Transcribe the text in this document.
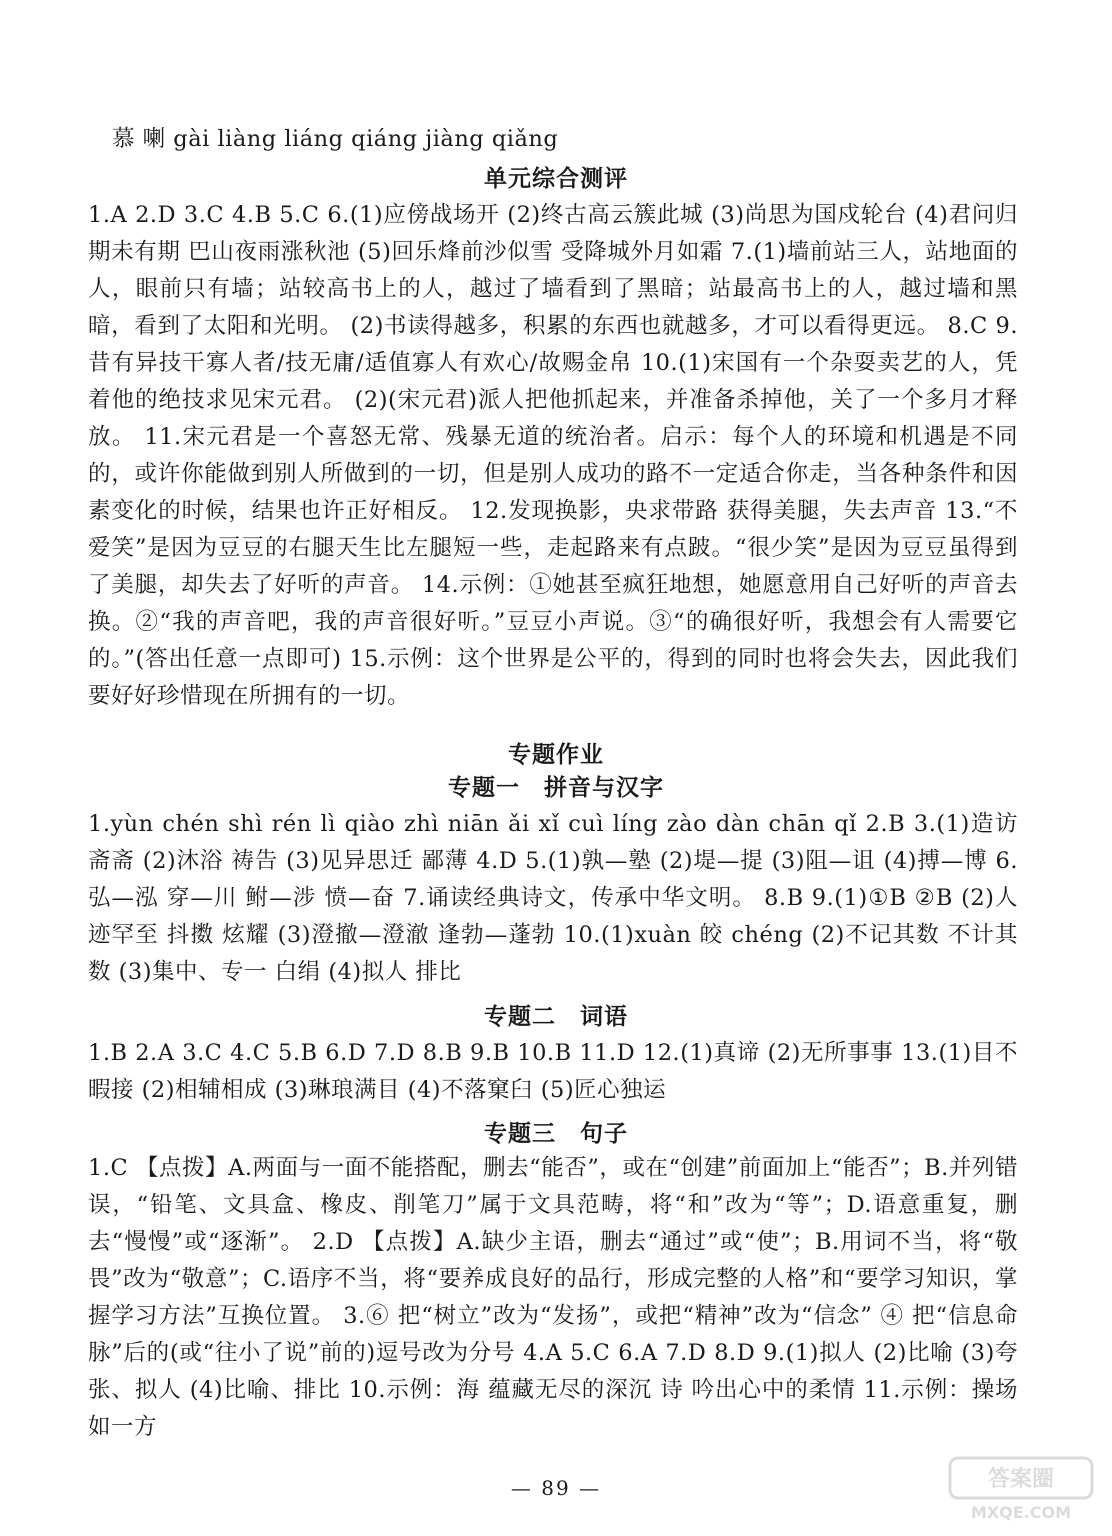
慕 喇 gài liàng liáng qiáng jiàng qiǎng
单元综合测评
1.A 2.D 3.C 4.B 5.C 6.(1)应傍战场开 (2)终古高云簇此城 (3)尚思为国戍轮台 (4)君问归期未有期 巴山夜雨涨秋池 (5)回乐烽前沙似雪 受降城外月如霜 7.(1)墙前站三人，站地面的人，眼前只有墙；站较高书上的人，越过了墙看到了黑暗；站最高书上的人，越过墙和黑暗，看到了太阳和光明。 (2)书读得越多，积累的东西也就越多，才可以看得更远。 8.C 9.昔有异技干寡人者/技无庸/适值寡人有欢心/故赐金帛 10.(1)宋国有一个杂耍卖艺的人，凭着他的绝技求见宋元君。 (2)(宋元君)派人把他抓起来，并准备杀掉他，关了一个多月才释放。 11.宋元君是一个喜怒无常、残暴无道的统治者。启示：每个人的环境和机遇是不同的，或许你能做到别人所做到的一切，但是别人成功的路不一定适合你走，当各种条件和因素变化的时候，结果也许正好相反。 12.发现换影，央求带路 获得美腿，失去声音 13.“不爱笑”是因为豆豆的右腿天生比左腿短一些，走起路来有点跛。“很少笑”是因为豆豆虽得到了美腿，却失去了好听的声音。 14.示例：①她甚至疯狂地想，她愿意用自己好听的声音去换。②“我的声音吧，我的声音很好听。”豆豆小声说。③“的确很好听，我想会有人需要它的。”(答出任意一点即可) 15.示例：这个世界是公平的，得到的同时也将会失去，因此我们要好好珍惜现在所拥有的一切。
专题作业
专题一　拼音与汉字
1.yùn chén shì rén lì qiào zhì niān ǎi xǐ cuì líng zào dàn chān qǐ 2.B 3.(1)造访 斋斋 (2)沐浴 祷告 (3)见异思迁 鄙薄 4.D 5.(1)孰—塾 (2)堤—提 (3)阻—诅 (4)搏—博 6.弘—泓 穿—川 鲋—涉 愤—奋 7.诵读经典诗文，传承中华文明。 8.B 9.(1)①B ②B (2)人迹罕至 抖擞 炫耀 (3)澄撤—澄澈 逢勃—蓬勃 10.(1)xuàn 皎 chéng (2)不记其数 不计其数 (3)集中、专一 白绢 (4)拟人 排比
专题二　词语
1.B 2.A 3.C 4.C 5.B 6.D 7.D 8.B 9.B 10.B 11.D 12.(1)真谛 (2)无所事事 13.(1)目不暇接 (2)相辅相成 (3)琳琅满目 (4)不落窠臼 (5)匠心独运
专题三　句子
1.C 【点拨】A.两面与一面不能搭配，删去“能否”，或在“创建”前面加上“能否”；B.并列错误，“铅笔、文具盒、橡皮、削笔刀”属于文具范畴，将“和”改为“等”；D.语意重复，删去“慢慢”或“逐渐”。 2.D 【点拨】A.缺少主语，删去“通过”或“使”；B.用词不当，将“敬畏”改为“敬意”；C.语序不当，将“要养成良好的品行，形成完整的人格”和“要学习知识，掌握学习方法”互换位置。 3.⑥ 把“树立”改为“发扬”，或把“精神”改为“信念” ④ 把“信息命脉”后的(或“往小了说”前的)逗号改为分号 4.A 5.C 6.A 7.D 8.D 9.(1)拟人 (2)比喻 (3)夸张、拟人 (4)比喻、排比 10.示例：海 蕴藏无尽的深沉 诗 吟出心中的柔情 11.示例：操场如一方
— 89 —	答案圈
MXQE.COM
